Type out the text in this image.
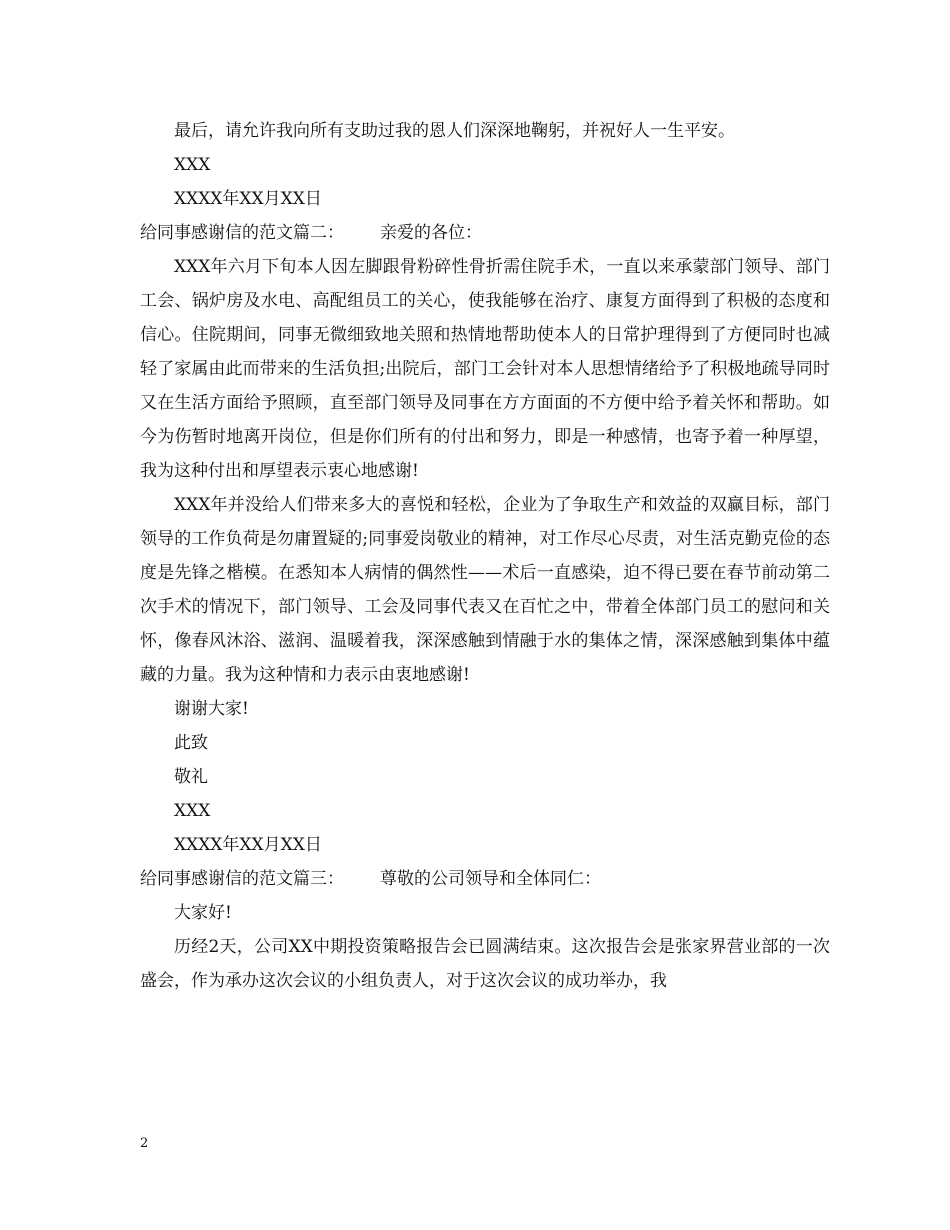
最后，请允许我向所有支助过我的恩人们深深地鞠躬，并祝好人一生平安。
XXX
XXXX年XX月XX日
给同事感谢信的范文篇二： 亲爱的各位：
XXX年六月下旬本人因左脚跟骨粉碎性骨折需住院手术，一直以来承蒙部门领导、部门工会、锅炉房及水电、高配组员工的关心，使我能够在治疗、康复方面得到了积极的态度和信心。住院期间，同事无微细致地关照和热情地帮助使本人的日常护理得到了方便同时也减轻了家属由此而带来的生活负担;出院后，部门工会针对本人思想情绪给予了积极地疏导同时又在生活方面给予照顾，直至部门领导及同事在方方面面的不方便中给予着关怀和帮助。如今为伤暂时地离开岗位，但是你们所有的付出和努力，即是一种感情，也寄予着一种厚望，我为这种付出和厚望表示衷心地感谢!
XXX年并没给人们带来多大的喜悦和轻松，企业为了争取生产和效益的双赢目标，部门领导的工作负荷是勿庸置疑的;同事爱岗敬业的精神，对工作尽心尽责，对生活克勤克俭的态度是先锋之楷模。在悉知本人病情的偶然性——术后一直感染，迫不得已要在春节前动第二次手术的情况下，部门领导、工会及同事代表又在百忙之中，带着全体部门员工的慰问和关怀，像春风沐浴、滋润、温暖着我，深深感触到情融于水的集体之情，深深感触到集体中蕴藏的力量。我为这种情和力表示由衷地感谢!
谢谢大家!
此致
敬礼
XXX
XXXX年XX月XX日
给同事感谢信的范文篇三： 尊敬的公司领导和全体同仁：
大家好!
历经2天，公司XX中期投资策略报告会已圆满结束。这次报告会是张家界营业部的一次盛会，作为承办这次会议的小组负责人，对于这次会议的成功举办，我
2
